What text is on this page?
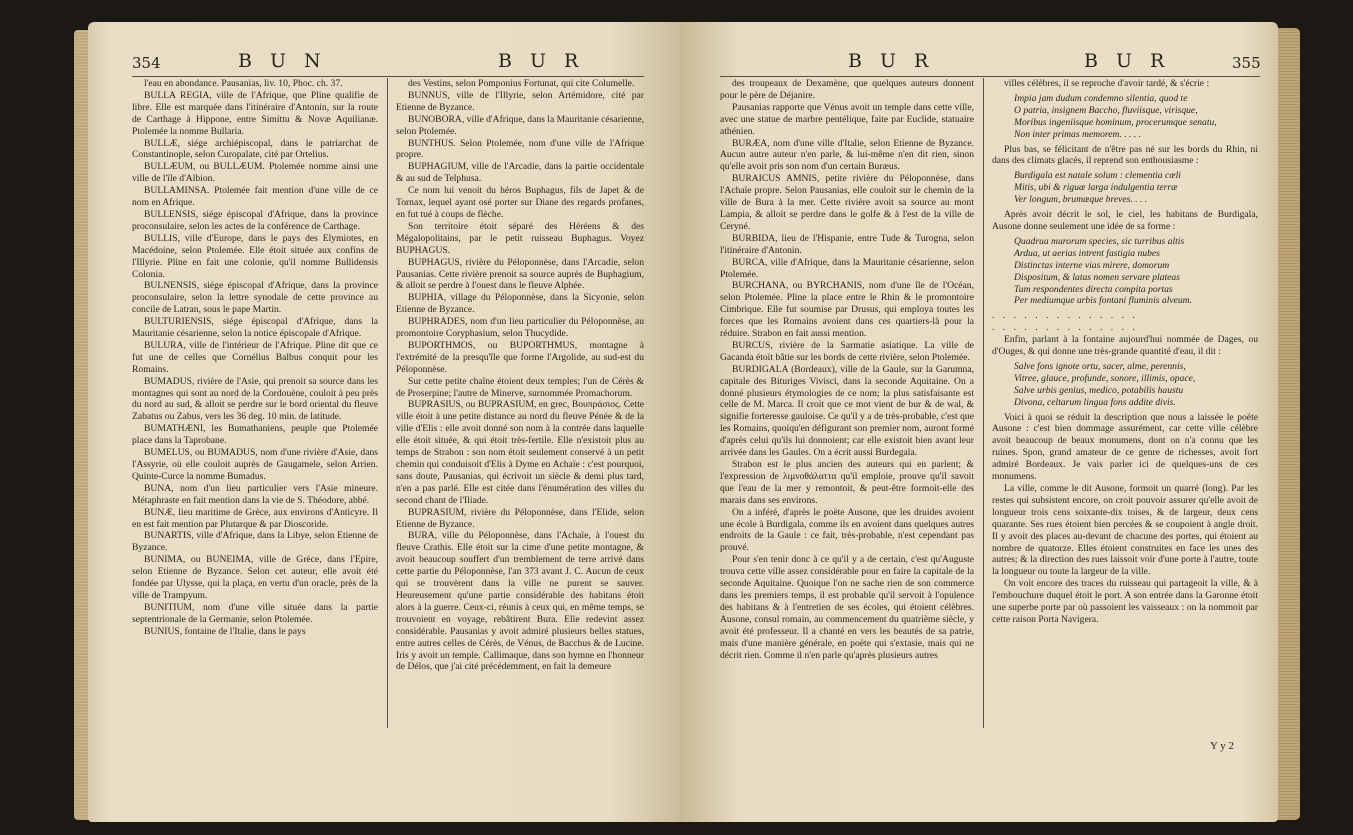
354	B U N	B U R

l'eau en abondance. Pausanias, liv. 10, Phoc. ch. 37.

BULLA REGIA, ville de l'Afrique, que Pline qualifie de libre. Elle est marquée dans l'itinéraire d'Antonin, sur la route de Carthage à Hippone, entre Simittu & Novæ Aquilianæ. Ptolemée la nomme Bullaria.

BULLÆ, siége archiépiscopal, dans le patriarchat de Constantinople, selon Curopalate, cité par Ortelius.

BULLÆUM, ou BULLÆUM. Ptolemée nomme ainsi une ville de l'île d'Albion.

BULLAMINSA. Ptolemée fait mention d'une ville de ce nom en Afrique.

BULLENSIS, siége épiscopal d'Afrique, dans la province proconsulaire, selon les actes de la conférence de Carthage.

BULLIS, ville d'Europe, dans le pays des Elymiotes, en Macédoine, selon Ptolemée. Elle étoit située aux confins de l'Illyrie. Pline en fait une colonie, qu'il nomme Bullidensis Colonia.

BULNENSIS, siége épiscopal d'Afrique, dans la province proconsulaire, selon la lettre synodale de cette province au concile de Latran, sous le pape Martin.

BULTURIENSIS, siége épiscopal d'Afrique, dans la Mauritanie césarienne, selon la notice épiscopale d'Afrique.

BULURA, ville de l'intérieur de l'Afrique. Pline dit que ce fut une de celles que Cornélius Balbus conquit pour les Romains.

BUMADUS, rivière de l'Asie, qui prenoit sa source dans les montagnes qui sont au nord de la Cordouène, couloit à peu près du nord au sud, & alloit se perdre sur le bord oriental du fleuve Zabatus ou Zabus, vers les 36 deg. 10 min. de latitude.

BUMATHÆNI, les Bumathaniens, peuple que Ptolemée place dans la Taprobane.

BUMELUS, ou BUMADUS, nom d'une rivière d'Asie, dans l'Assyrie, où elle couloit auprès de Gaugamele, selon Arrien. Quinte-Curce la nomme Bumadus.

BUNA, nom d'un lieu particulier vers l'Asie mineure. Métaphraste en fait mention dans la vie de S. Théodore, abbé.

BUNÆ, lieu maritime de Grèce, aux environs d'Anticyre. Il en est fait mention par Plutarque & par Dioscoride.

BUNARTIS, ville d'Afrique, dans la Libye, selon Etienne de Byzance.

BUNIMA, ou BUNEIMA, ville de Grèce, dans l'Epire, selon Etienne de Byzance. Selon cet auteur, elle avoit été fondée par Ulysse, qui la plaça, en vertu d'un oracle, près de la ville de Trampyum.

BUNITIUM, nom d'une ville située dans la partie septentrionale de la Germanie, selon Ptolemée.

BUNIUS, fontaine de l'Italie, dans le pays

des Vestins, selon Pomponius Fortunat, qui cite Columelle.

BUNNUS, ville de l'Illyrie, selon Artémidore, cité par Etienne de Byzance.

BUNOBORA, ville d'Afrique, dans la Mauritanie césarienne, selon Ptolemée.

BUNTHUS. Selon Ptolemée, nom d'une ville de l'Afrique propre.

BUPHAGIUM, ville de l'Arcadie, dans la partie occidentale & au sud de Telphusa.

Ce nom lui venoit du héros Buphagus, fils de Japet & de Tornax, lequel ayant osé porter sur Diane des regards profanes, en fut tué à coups de flèche.

Son territoire étoit séparé des Héréens & des Mégalopolitains, par le petit ruisseau Buphagus. Voyez BUPHAGUS.

BUPHAGUS, rivière du Péloponnèse, dans l'Arcadie, selon Pausanias. Cette rivière prenoit sa source auprès de Buphagium, & alloit se perdre à l'ouest dans le fleuve Alphée.

BUPHIA, village du Péloponnèse, dans la Sicyonie, selon Etienne de Byzance.

BUPHRADES, nom d'un lieu particulier du Péloponnèse, au promontoire Coryphasium, selon Thucydide.

BUPORTHMOS, ou BUPORTHMUS, montagne à l'extrémité de la presqu'île que forme l'Argolide, au sud-est du Péloponnèse.

Sur cette petite chaîne étoient deux temples; l'un de Cérès & de Proserpine; l'autre de Minerve, surnommée Promachorum.

BUPRASIUS, ou BUPRASIUM, en grec, Βουπράσιος. Cette ville étoit à une petite distance au nord du fleuve Pénée & de la ville d'Elis : elle avoit donné son nom à la contrée dans laquelle elle étoit située, & qui étoit très-fertile. Elle n'existoit plus au temps de Strabon : son nom étoit seulement conservé à un petit chemin qui conduisoit d'Elis à Dyme en Achaïe : c'est pourquoi, sans doute, Pausanias, qui écrivoit un siècle & demi plus tard, n'en a pas parlé. Elle est citée dans l'énumération des villes du second chant de l'Iliade.

BUPRASIUM, rivière du Péloponnèse, dans l'Elide, selon Etienne de Byzance.

BURA, ville du Péloponnèse, dans l'Achaïe, à l'ouest du fleuve Crathis. Elle étoit sur la cime d'une petite montagne, & avoit beaucoup souffert d'un tremblement de terre arrivé dans cette partie du Péloponnèse, l'an 373 avant J. C. Aucun de ceux qui se trouvèrent dans la ville ne purent se sauver. Heureusement qu'une partie considérable des habitans étoit alors à la guerre. Ceux-ci, réunis à ceux qui, en même temps, se trouvoient en voyage, rebâtirent Bura. Elle redevint assez considérable. Pausanias y avoit admiré plusieurs belles statues, entre autres celles de Cérès, de Vénus, de Bacchus & de Lucine. Iris y avoit un temple. Callimaque, dans son hymne en l'honneur de Délos, que j'ai cité précédemment, en fait la demeure

B U R	B U R	355

des troupeaux de Dexamène, que quelques auteurs donnent pour le père de Déjanire.

Pausanias rapporte que Vénus avoit un temple dans cette ville, avec une statue de marbre pentélique, faite par Euclide, statuaire athénien.

BURÆA, nom d'une ville d'Italie, selon Etienne de Byzance. Aucun autre auteur n'en parle, & lui-même n'en dit rien, sinon qu'elle avoit pris son nom d'un certain Buræus.

BURAICUS AMNIS, petite rivière du Péloponnèse, dans l'Achaïe propre. Selon Pausanias, elle couloit sur le chemin de la ville de Bura à la mer. Cette rivière avoit sa source au mont Lampia, & alloit se perdre dans le golfe & à l'est de la ville de Ceryné.

BURBIDA, lieu de l'Hispanie, entre Tude & Turogna, selon l'itinéraire d'Antonin.

BURCA, ville d'Afrique, dans la Mauritanie césarienne, selon Ptolemée.

BURCHANA, ou BYRCHANIS, nom d'une île de l'Océan, selon Ptolemée. Pline la place entre le Rhin & le promontoire Cimbrique. Elle fut soumise par Drusus, qui employa toutes les forces que les Romains avoient dans ces quartiers-là pour la réduire. Strabon en fait aussi mention.

BURCUS, rivière de la Sarmatie asiatique. La ville de Gacanda étoit bâtie sur les bords de cette rivière, selon Ptolemée.

BURDIGALA (Bordeaux), ville de la Gaule, sur la Garumna, capitale des Bituriges Vivisci, dans la seconde Aquitaine. On a donné plusieurs étymologies de ce nom; la plus satisfaisante est celle de M. Marca. Il croit que ce mot vient de bur & de wal, & signifie forteresse gauloise. Ce qu'il y a de très-probable, c'est que les Romains, quoiqu'en défigurant son premier nom, auront formé d'après celui qu'ils lui donnoient; car elle existoit bien avant leur arrivée dans les Gaules. On a écrit aussi Burdegala.

Strabon est le plus ancien des auteurs qui en parlent; & l'expression de λιμνοθάλαττα qu'il emploie, prouve qu'il savoit que l'eau de la mer y remontoit, & peut-être formoit-elle des marais dans ses environs.

On a inféré, d'après le poëte Ausone, que les druides avoient une école à Burdigala, comme ils en avoient dans quelques autres endroits de la Gaule : ce fait, très-probable, n'est cependant pas prouvé.

Pour s'en tenir donc à ce qu'il y a de certain, c'est qu'Auguste trouva cette ville assez considérable pour en faire la capitale de la seconde Aquitaine. Quoique l'on ne sache rien de son commerce dans les premiers temps, il est probable qu'il servoit à l'opulence des habitans & à l'entretien de ses écoles, qui étoient célèbres. Ausone, consul romain, au commencement du quatrième siècle, y avoit été professeur. Il a chanté en vers les beautés de sa patrie, mais d'une manière générale, en poëte qui s'extasie, mais qui ne décrit rien. Comme il n'en parle qu'après plusieurs autres

villes célèbres, il se reproche d'avoir tardé, & s'écrie :

Impia jam dudum condemno silentia, quod te
O patria, insignem Baccho, fluviisque, virisque,
Moribus ingeniisque hominum, procerumque senatu,
Non inter primas memorem. . . . .

Plus bas, se félicitant de n'être pas né sur les bords du Rhin, ni dans des climats glacés, il reprend son enthousiasme :

Burdigala est natale solum : clementia cœli
Mitis, ubi & riguæ larga indulgentia terræ
Ver longum, brumæque breves. . . .

Après avoir décrit le sol, le ciel, les habitans de Burdigala, Ausone donne seulement une idée de sa forme :

Quadrua murorum species, sic turribus altis
Ardua, ut aerias intrent fastigia nubes
Distinctas interne vias mirere, domorum
Dispositum, & latas nomen servare plateas
Tum respondentes directa compita portas
Per mediumque urbis fontani fluminis alveum.

. . . . . . . . . . . . . .

. . . . . . . . . . . . . .

Enfin, parlant à la fontaine aujourd'hui nommée de Dages, ou d'Ouges, & qui donne une très-grande quantité d'eau, il dit :

Salve fons ignote ortu, sacer, alme, perennis,
Vitree, glauce, profunde, sonore, illimis, opace,
Salve urbis genius, medico, potabilis haustu
Divona, celtarum lingua fons addite divis.

Voici à quoi se réduit la description que nous a laissée le poëte Ausone : c'est bien dommage assurément, car cette ville célèbre avoit beaucoup de beaux monumens, dont on n'a connu que les ruines. Spon, grand amateur de ce genre de richesses, avoit fort admiré Bordeaux. Je vais parler ici de quelques-uns de ces monumens.

La ville, comme le dit Ausone, formoit un quarré (long). Par les restes qui subsistent encore, on croit pouvoir assurer qu'elle avoit de longueur trois cens soixante-dix toises, & de largeur, deux cens quarante. Ses rues étoient bien percées & se coupoient à angle droit. Il y avoit des places au-devant de chacune des portes, qui étoient au nombre de quatorze. Elles étoient construites en face les unes des autres; & la direction des rues laissoit voir d'une porte à l'autre, toute la longueur ou toute la largeur de la ville.

On voit encore des traces du ruisseau qui partageoit la ville, & à l'embouchure duquel étoit le port. A son entrée dans la Garonne étoit une superbe porte par où passoient les vaisseaux : on la nommoit par cette raison Porta Navigera.

Y y 2
